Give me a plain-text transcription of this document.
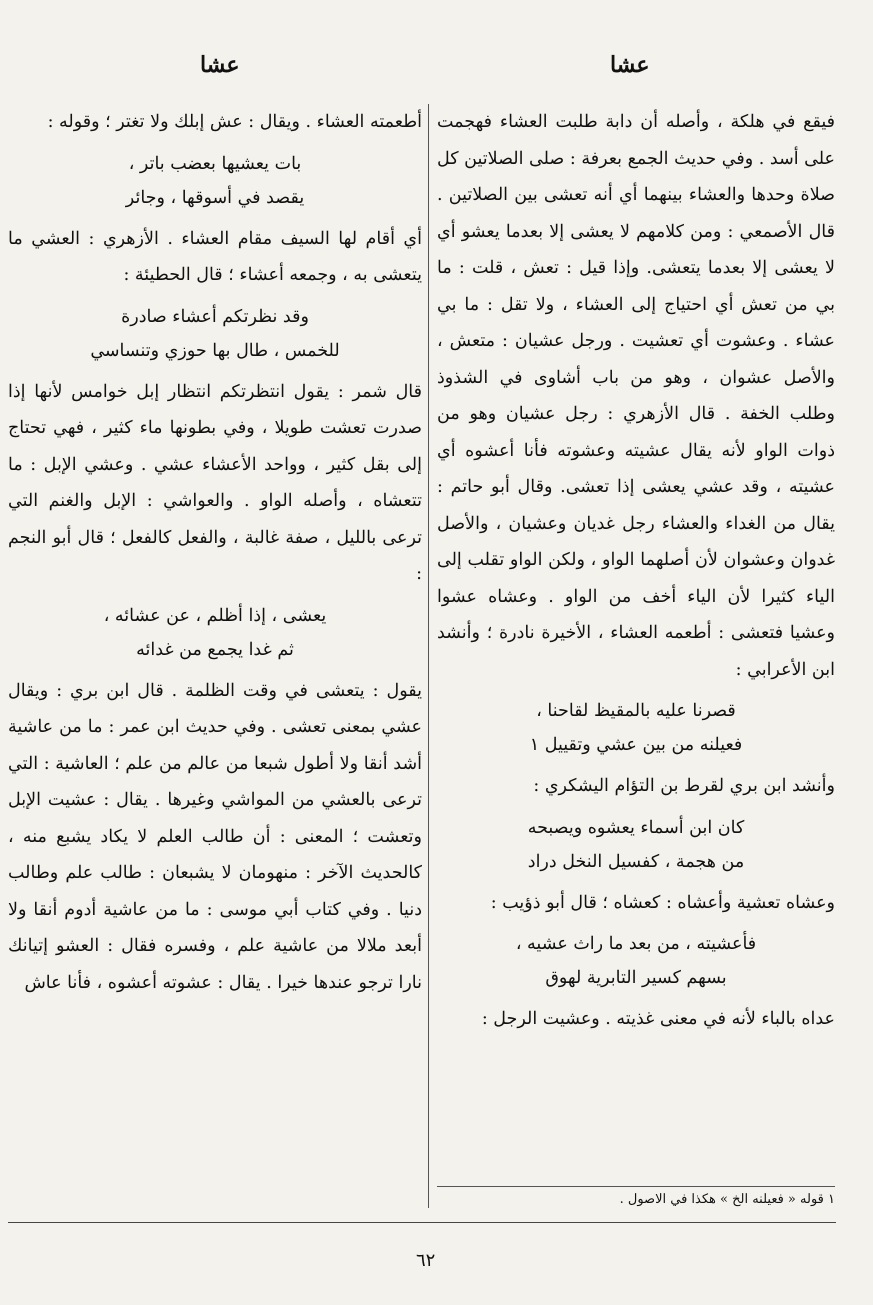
عشا
عشا

فيقع في هلكة ، وأصله أن دابة طلبت العشاء فهجمت على أسد . وفي حديث الجمع بعرفة : صلى الصلاتين كل صلاة وحدها والعشاء بينهما أي أنه تعشى بين الصلاتين . قال الأصمعي : ومن كلامهم لا يعشى إلا بعدما يعشو أي لا يعشى إلا بعدما يتعشى. وإذا قيل : تعش ، قلت : ما بي من تعش أي احتياج إلى العشاء ، ولا تقل : ما بي عشاء . وعشوت أي تعشيت . ورجل عشيان : متعش ، والأصل عشوان ، وهو من باب أشاوى في الشذوذ وطلب الخفة . قال الأزهري : رجل عشيان وهو من ذوات الواو لأنه يقال عشيته وعشوته فأنا أعشوه أي عشيته ، وقد عشي يعشى إذا تعشى. وقال أبو حاتم : يقال من الغداء والعشاء رجل غديان وعشيان ، والأصل غدوان وعشوان لأن أصلهما الواو ، ولكن الواو تقلب إلى الياء كثيرا لأن الياء أخف من الواو . وعشاه عشوا وعشيا فتعشى : أطعمه العشاء ، الأخيرة نادرة ؛ وأنشد ابن الأعرابي :

قصرنا عليه بالمقيظ لقاحنا ،
فعيلنه من بين عشي وتقييل ١

وأنشد ابن بري لقرط بن التؤام اليشكري :

كان ابن أسماء يعشوه ويصبحه
من هجمة ، كفسيل النخل دراد

وعشاه تعشية وأعشاه : كعشاه ؛ قال أبو ذؤيب :

فأعشيته ، من بعد ما راث عشيه ،
بسهم كسير التابرية لهوق

عداه بالباء لأنه في معنى غذيته . وعشيت الرجل :

أطعمته العشاء . ويقال : عش إبلك ولا تغتر ؛ وقوله :

بات يعشيها بعضب باتر ،
يقصد في أسوقها ، وجائر

أي أقام لها السيف مقام العشاء . الأزهري : العشي ما يتعشى به ، وجمعه أعشاء ؛ قال الحطيئة :

وقد نظرتكم أعشاء صادرة
للخمس ، طال بها حوزي وتنساسي

قال شمر : يقول انتظرتكم انتظار إبل خوامس لأنها إذا صدرت تعشت طويلا ، وفي بطونها ماء كثير ، فهي تحتاج إلى بقل كثير ، وواحد الأعشاء عشي . وعشي الإبل : ما تتعشاه ، وأصله الواو . والعواشي : الإبل والغنم التي ترعى بالليل ، صفة غالبة ، والفعل كالفعل ؛ قال أبو النجم :

يعشى ، إذا أظلم ، عن عشائه ،
ثم غدا يجمع من غدائه

يقول : يتعشى في وقت الظلمة . قال ابن بري : ويقال عشي بمعنى تعشى . وفي حديث ابن عمر : ما من عاشية أشد أنقا ولا أطول شبعا من عالم من علم ؛ العاشية : التي ترعى بالعشي من المواشي وغيرها . يقال : عشيت الإبل وتعشت ؛ المعنى : أن طالب العلم لا يكاد يشبع منه ، كالحديث الآخر : منهومان لا يشبعان : طالب علم وطالب دنيا . وفي كتاب أبي موسى : ما من عاشية أدوم أنقا ولا أبعد ملالا من عاشية علم ، وفسره فقال : العشو إتيانك نارا ترجو عندها خيرا . يقال : عشوته أعشوه ، فأنا عاش

١ قوله « فعيلنه الخ » هكذا في الاصول .
٦٢
